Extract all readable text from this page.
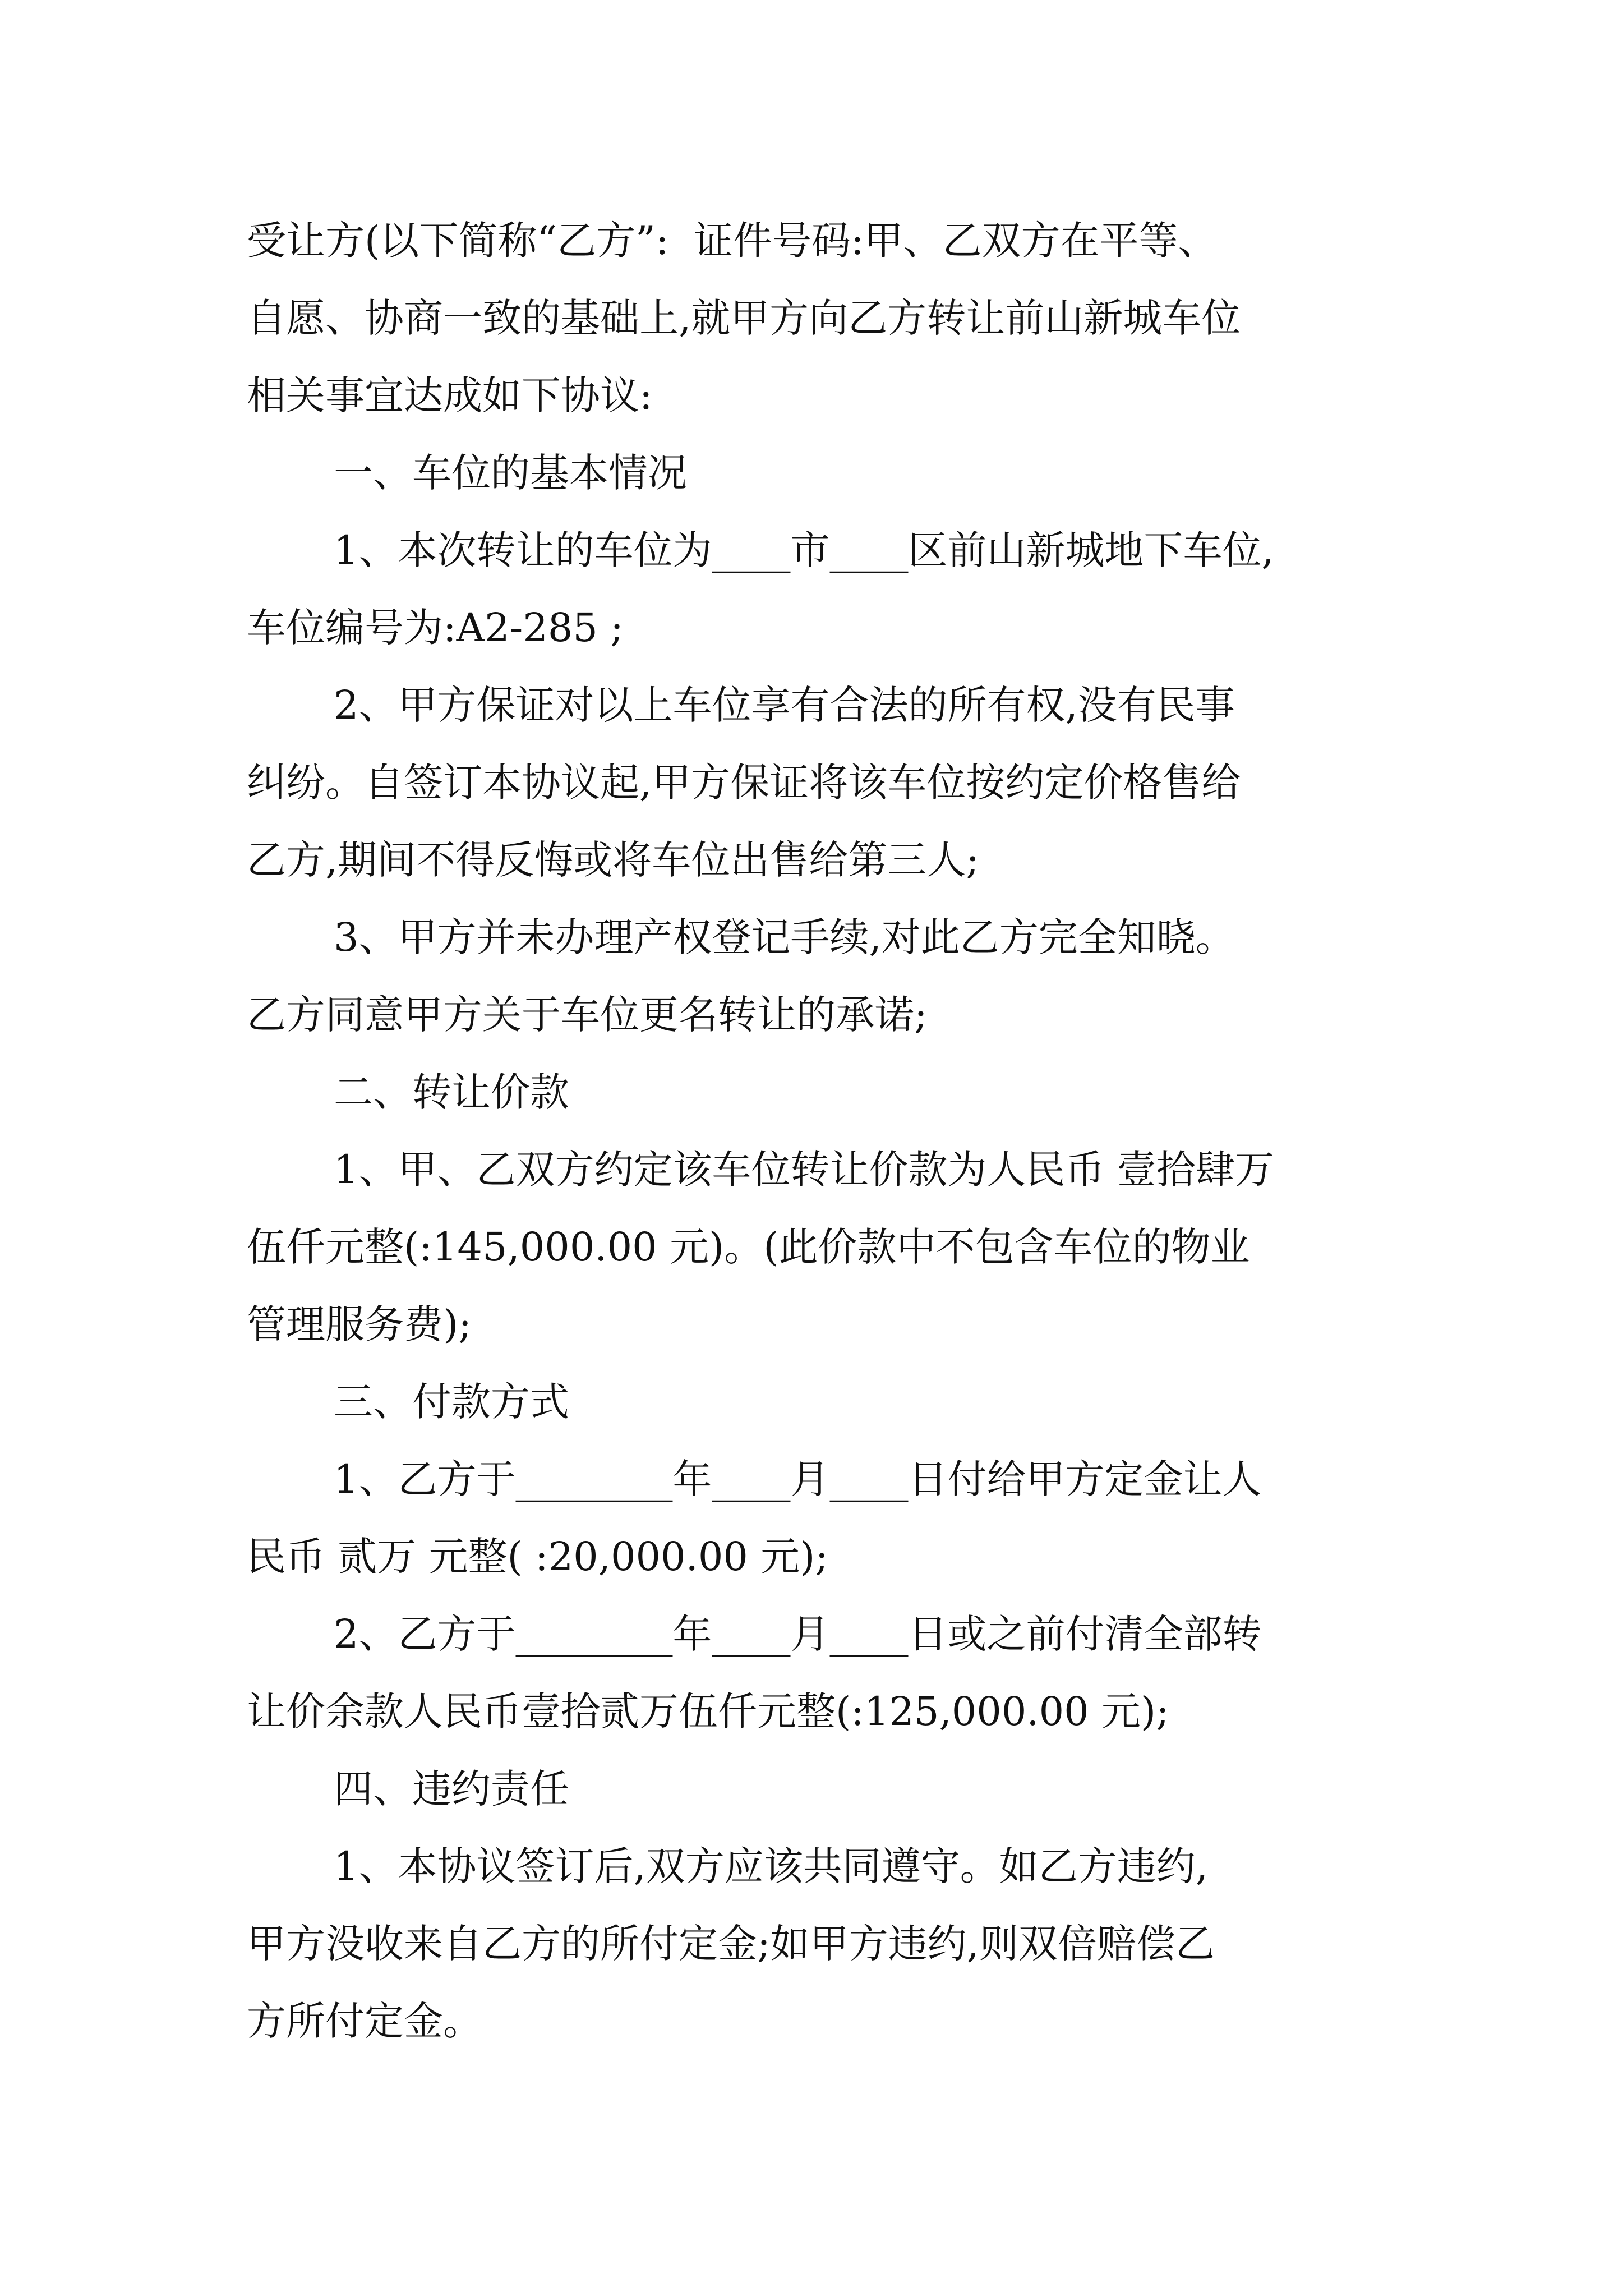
受让方(以下简称“乙方”:  证件号码:甲、乙双方在平等、
自愿、协商一致的基础上,就甲方向乙方转让前山新城车位
相关事宜达成如下协议:
一、车位的基本情况
1、本次转让的车位为____市____区前山新城地下车位,
车位编号为:A2-285 ;
2、甲方保证对以上车位享有合法的所有权,没有民事
纠纷。自签订本协议起,甲方保证将该车位按约定价格售给
乙方,期间不得反悔或将车位出售给第三人;
3、甲方并未办理产权登记手续,对此乙方完全知晓。
乙方同意甲方关于车位更名转让的承诺;
二、转让价款
1、甲、乙双方约定该车位转让价款为人民币 壹拾肆万
伍仟元整(:145,000.00 元)。(此价款中不包含车位的物业
管理服务费);
三、付款方式
1、乙方于________年____月____日付给甲方定金让人
民币 贰万 元整( :20,000.00 元);
2、乙方于________年____月____日或之前付清全部转
让价余款人民币壹拾贰万伍仟元整(:125,000.00 元);
四、违约责任
1、本协议签订后,双方应该共同遵守。如乙方违约,
甲方没收来自乙方的所付定金;如甲方违约,则双倍赔偿乙
方所付定金。
